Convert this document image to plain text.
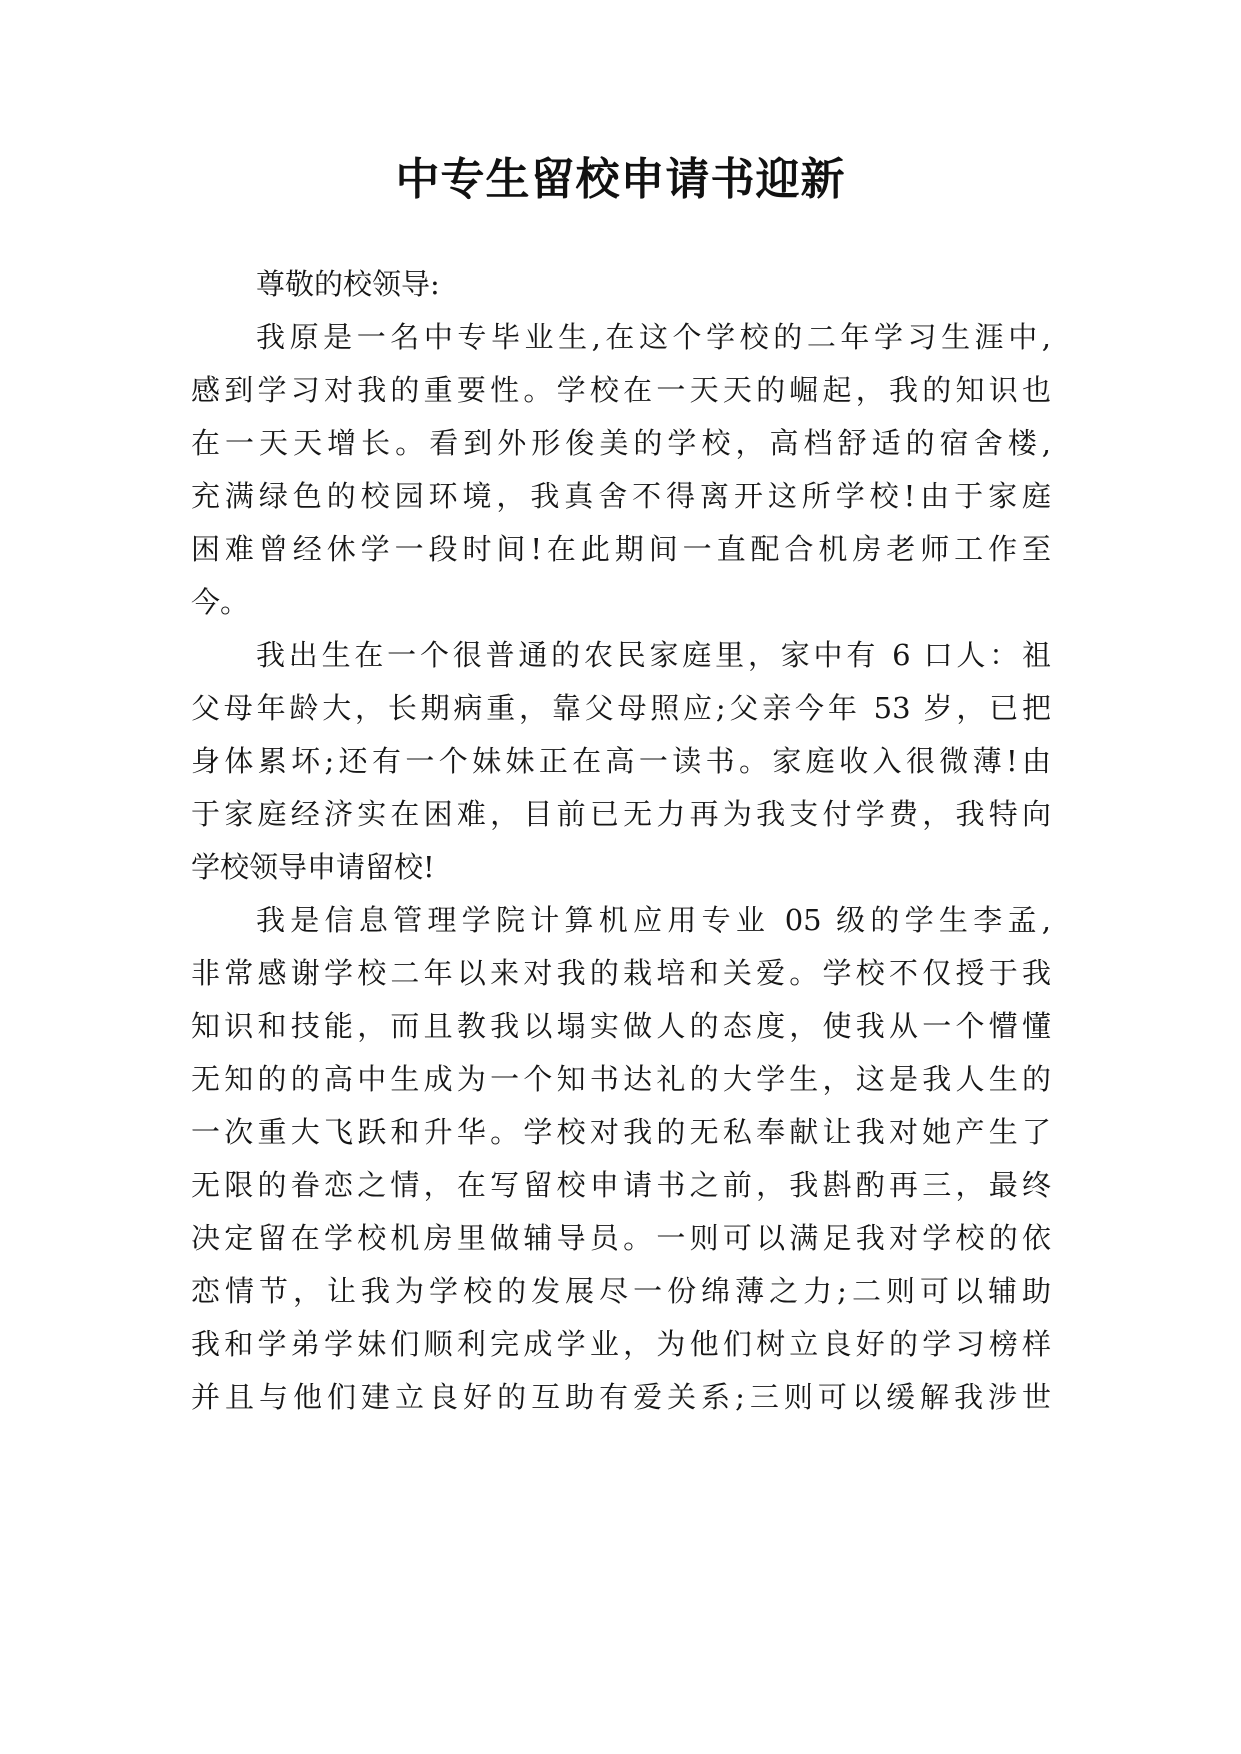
中专生留校申请书迎新
尊敬的校领导:
我原是一名中专毕业生,在这个学校的二年学习生涯中,
感到学习对我的重要性。学校在一天天的崛起，我的知识也
在一天天增长。看到外形俊美的学校，高档舒适的宿舍楼,
充满绿色的校园环境，我真舍不得离开这所学校!由于家庭
困难曾经休学一段时间!在此期间一直配合机房老师工作至
今。
我出生在一个很普通的农民家庭里，家中有 6 口人：祖
父母年龄大，长期病重，靠父母照应;父亲今年 53 岁，已把
身体累坏;还有一个妹妹正在高一读书。家庭收入很微薄!由
于家庭经济实在困难，目前已无力再为我支付学费，我特向
学校领导申请留校!
我是信息管理学院计算机应用专业 05 级的学生李孟,
非常感谢学校二年以来对我的栽培和关爱。学校不仅授于我
知识和技能，而且教我以塌实做人的态度，使我从一个懵懂
无知的的高中生成为一个知书达礼的大学生，这是我人生的
一次重大飞跃和升华。学校对我的无私奉献让我对她产生了
无限的眷恋之情，在写留校申请书之前，我斟酌再三，最终
决定留在学校机房里做辅导员。一则可以满足我对学校的依
恋情节，让我为学校的发展尽一份绵薄之力;二则可以辅助
我和学弟学妹们顺利完成学业，为他们树立良好的学习榜样
并且与他们建立良好的互助有爱关系;三则可以缓解我涉世
